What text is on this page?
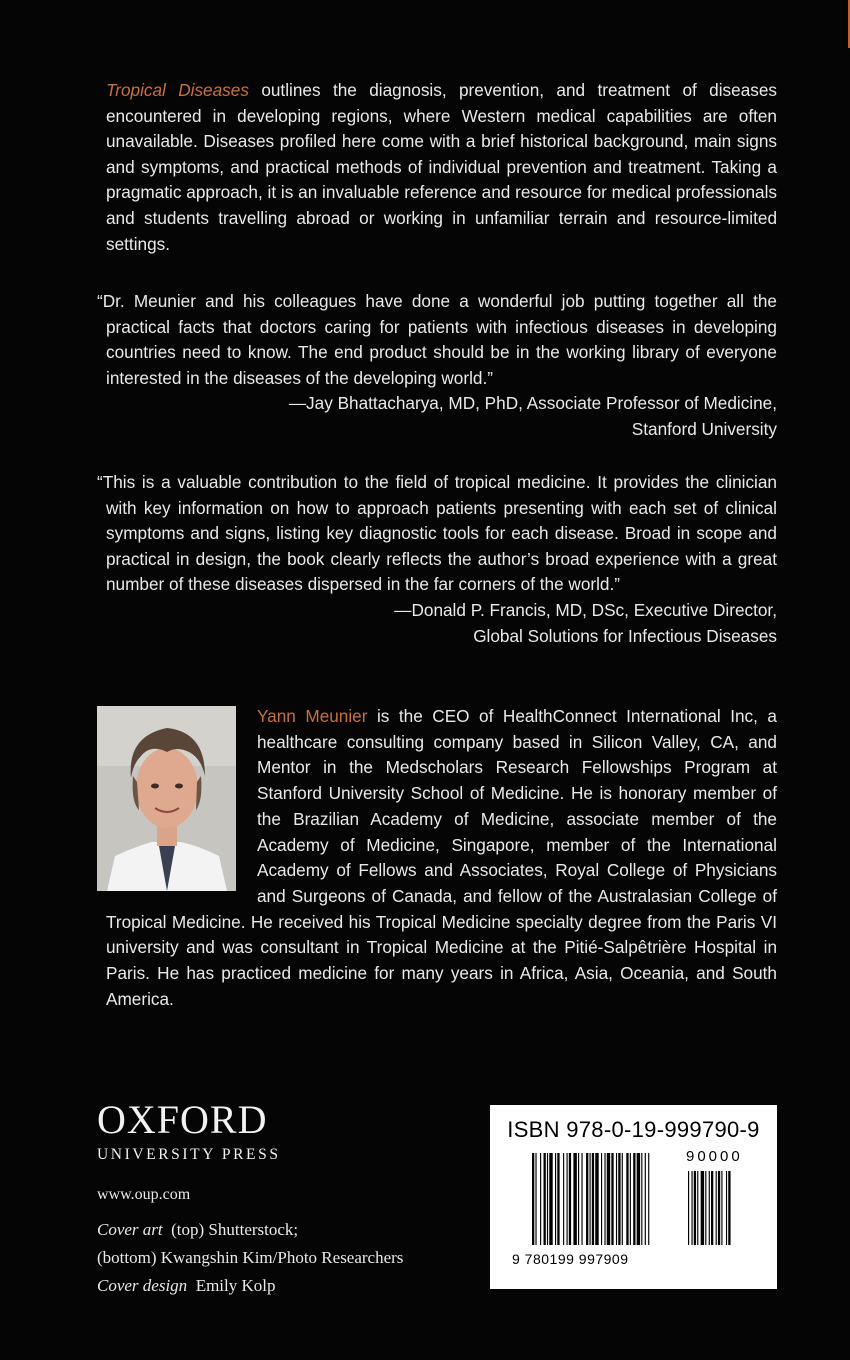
Tropical Diseases outlines the diagnosis, prevention, and treatment of diseases encountered in developing regions, where Western medical capabilities are often unavailable. Diseases profiled here come with a brief historical background, main signs and symptoms, and practical methods of individual prevention and treatment. Taking a pragmatic approach, it is an invaluable reference and resource for medical professionals and students travelling abroad or working in unfamiliar terrain and resource-limited settings.
“Dr. Meunier and his colleagues have done a wonderful job putting together all the practical facts that doctors caring for patients with infectious diseases in developing countries need to know. The end product should be in the working library of everyone interested in the diseases of the developing world.”
—Jay Bhattacharya, MD, PhD, Associate Professor of Medicine,
Stanford University
“This is a valuable contribution to the field of tropical medicine. It provides the clinician with key information on how to approach patients presenting with each set of clinical symptoms and signs, listing key diagnostic tools for each disease. Broad in scope and practical in design, the book clearly reflects the author’s broad experience with a great number of these diseases dispersed in the far corners of the world.”
—Donald P. Francis, MD, DSc, Executive Director,
Global Solutions for Infectious Diseases
Yann Meunier is the CEO of HealthConnect International Inc, a healthcare consulting company based in Silicon Valley, CA, and Mentor in the Medscholars Research Fellowships Program at Stanford University School of Medicine. He is honorary member of the Brazilian Academy of Medicine, associate member of the Academy of Medicine, Singapore, member of the International Academy of Fellows and Associates, Royal College of Physicians and Surgeons of Canada, and fellow of the Australasian College of Tropical Medicine. He received his Tropical Medicine specialty degree from the Paris VI university and was consultant in Tropical Medicine at the Pitié-Salpêtrière Hospital in Paris. He has practiced medicine for many years in Africa, Asia, Oceania, and South America.
OXFORD
UNIVERSITY PRESS
www.oup.com
Cover art (top) Shutterstock;
(bottom) Kwangshin Kim/Photo Researchers
Cover design Emily Kolp
ISBN 978-0-19-999790-9
90000
9 780199 997909
